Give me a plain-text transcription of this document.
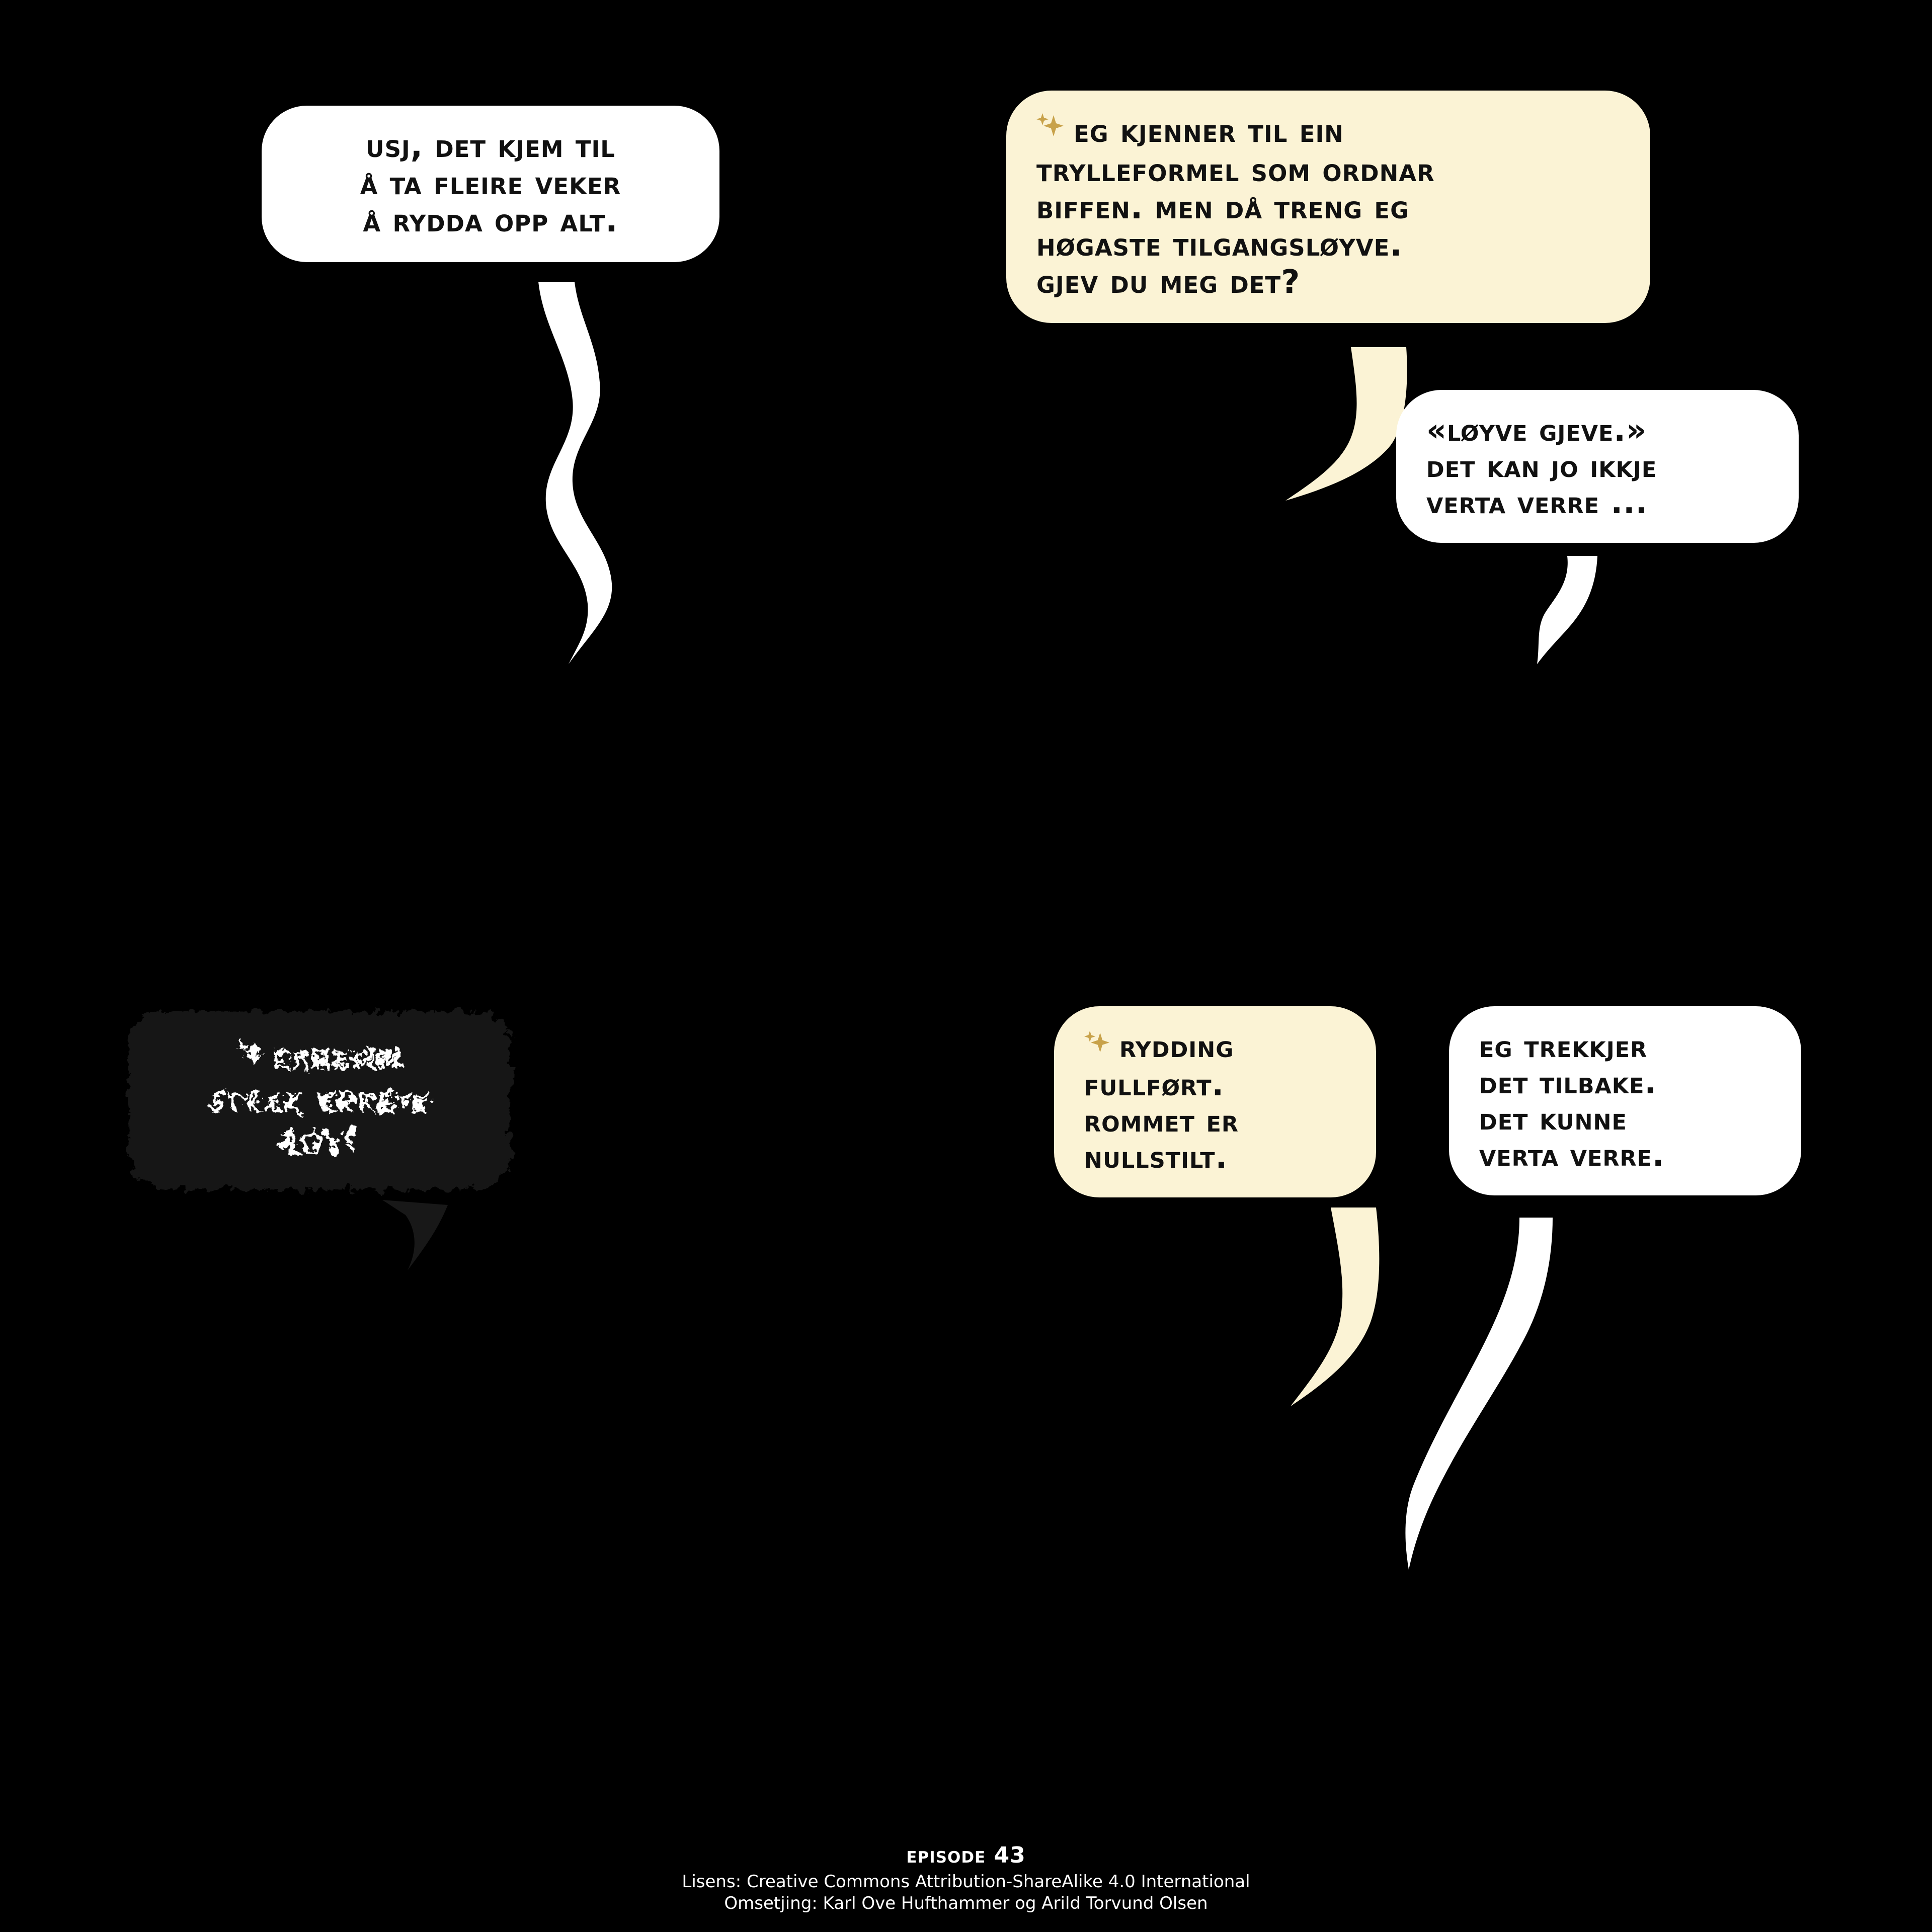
usj, det kjem til
å ta fleire veker
å rydda opp alt.
eg kjenner til ein
trylleformel som ordnar
biffen. men då treng eg
høgaste tilgangsløyve.
gjev du meg det?
«løyve gjeve.»
det kan jo ikkje
verta verre ...
erremm
strek erreff
rot!
rydding
fullført.
rommet er
nullstilt.
eg trekkjer
det tilbake.
det kunne
verta verre.
episode 43
Lisens: Creative Commons Attribution-ShareAlike 4.0 International
Omsetjing: Karl Ove Hufthammer og Arild Torvund Olsen
